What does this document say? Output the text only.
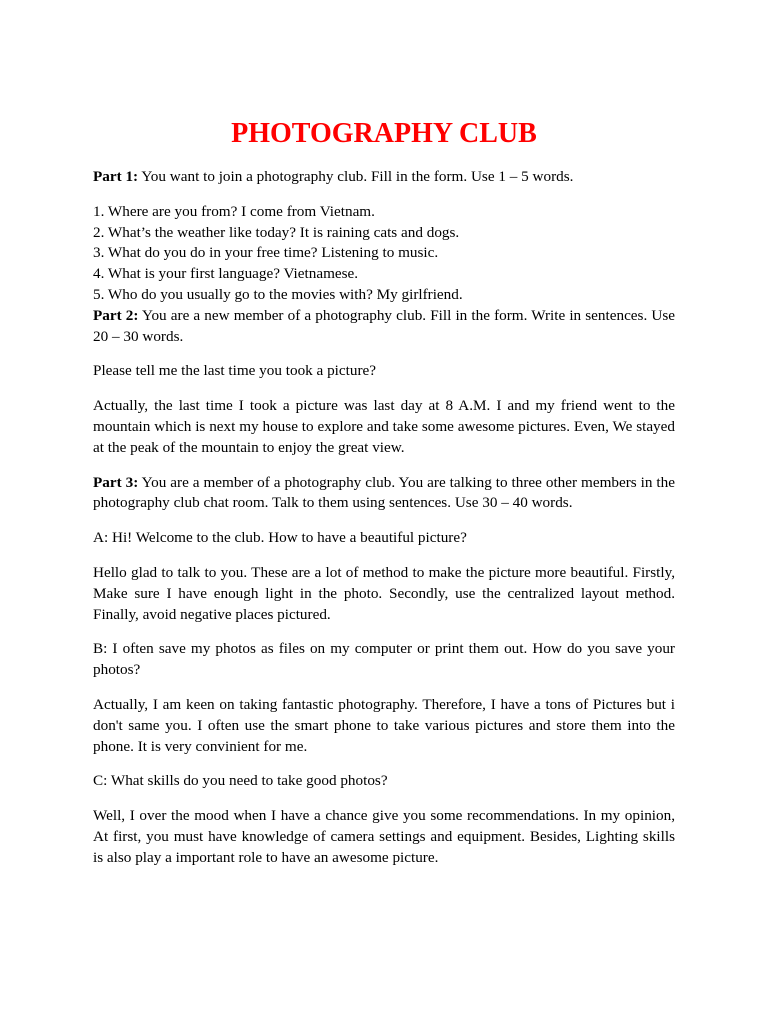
PHOTOGRAPHY CLUB

Part 1: You want to join a photography club. Fill in the form. Use 1 – 5 words.

1. Where are you from? I come from Vietnam.

2. What’s the weather like today? It is raining cats and dogs.

3. What do you do in your free time? Listening to music.

4. What is your first language? Vietnamese.

5. Who do you usually go to the movies with? My girlfriend.

Part 2: You are a new member of a photography club. Fill in the form. Write in sentences. Use 20 – 30 words.

Please tell me the last time you took a picture?

Actually, the last time I took a picture was last day at 8 A.M. I and my friend went to the mountain which is next my house to explore and take some awesome pictures. Even, We stayed at the peak of the mountain to enjoy the great view.

Part 3: You are a member of a photography club. You are talking to three other members in the photography club chat room. Talk to them using sentences. Use 30 – 40 words.

A: Hi! Welcome to the club. How to have a beautiful picture?

Hello glad to talk to you. These are a lot of method to make the picture more beautiful. Firstly, Make sure I have enough light in the photo. Secondly, use the centralized layout method. Finally, avoid negative places pictured.

B: I often save my photos as files on my computer or print them out. How do you save your photos?

Actually, I am keen on taking fantastic photography. Therefore, I have a tons of Pictures but i don't same you. I often use the smart phone to take various pictures and store them into the phone. It is very convinient for me.

C: What skills do you need to take good photos?

Well, I over the mood when I have a chance give you some recommendations. In my opinion, At first, you must have knowledge of camera settings and equipment. Besides, Lighting skills is also play a important role to have an awesome picture.
